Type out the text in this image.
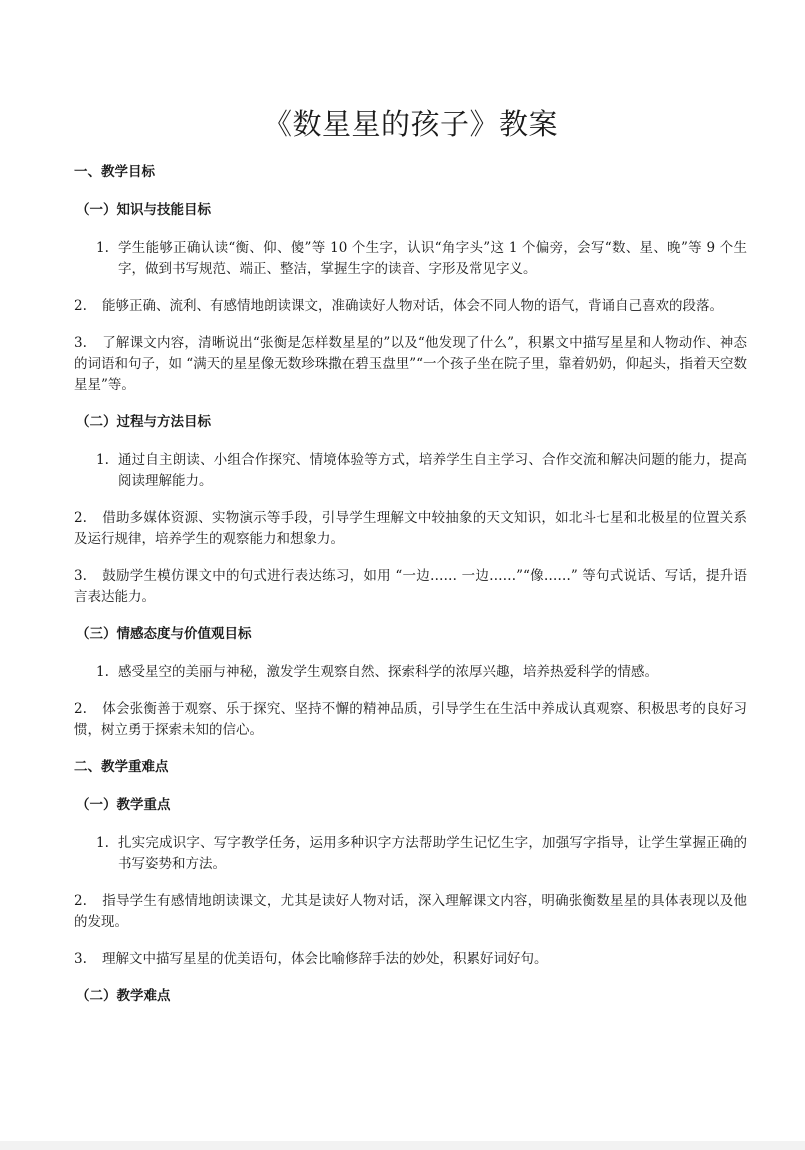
《数星星的孩子》教案
一、教学目标
（一）知识与技能目标
1. 学生能够正确认读“衡、仰、傻”等 10 个生字，认识“角字头”这 1 个偏旁，会写“数、星、晚”等 9 个生字，做到书写规范、端正、整洁，掌握生字的读音、字形及常见字义。
2. 能够正确、流利、有感情地朗读课文，准确读好人物对话，体会不同人物的语气，背诵自己喜欢的段落。
3. 了解课文内容，清晰说出“张衡是怎样数星星的”以及“他发现了什么”，积累文中描写星星和人物动作、神态的词语和句子，如 “满天的星星像无数珍珠撒在碧玉盘里”“一个孩子坐在院子里，靠着奶奶，仰起头，指着天空数星星”等。
（二）过程与方法目标
1. 通过自主朗读、小组合作探究、情境体验等方式，培养学生自主学习、合作交流和解决问题的能力，提高阅读理解能力。
2. 借助多媒体资源、实物演示等手段，引导学生理解文中较抽象的天文知识，如北斗七星和北极星的位置关系及运行规律，培养学生的观察能力和想象力。
3. 鼓励学生模仿课文中的句式进行表达练习，如用 “一边…… 一边……”“像……” 等句式说话、写话，提升语言表达能力。
（三）情感态度与价值观目标
1. 感受星空的美丽与神秘，激发学生观察自然、探索科学的浓厚兴趣，培养热爱科学的情感。
2. 体会张衡善于观察、乐于探究、坚持不懈的精神品质，引导学生在生活中养成认真观察、积极思考的良好习惯，树立勇于探索未知的信心。
二、教学重难点
（一）教学重点
1. 扎实完成识字、写字教学任务，运用多种识字方法帮助学生记忆生字，加强写字指导，让学生掌握正确的书写姿势和方法。
2. 指导学生有感情地朗读课文，尤其是读好人物对话，深入理解课文内容，明确张衡数星星的具体表现以及他的发现。
3. 理解文中描写星星的优美语句，体会比喻修辞手法的妙处，积累好词好句。
（二）教学难点
